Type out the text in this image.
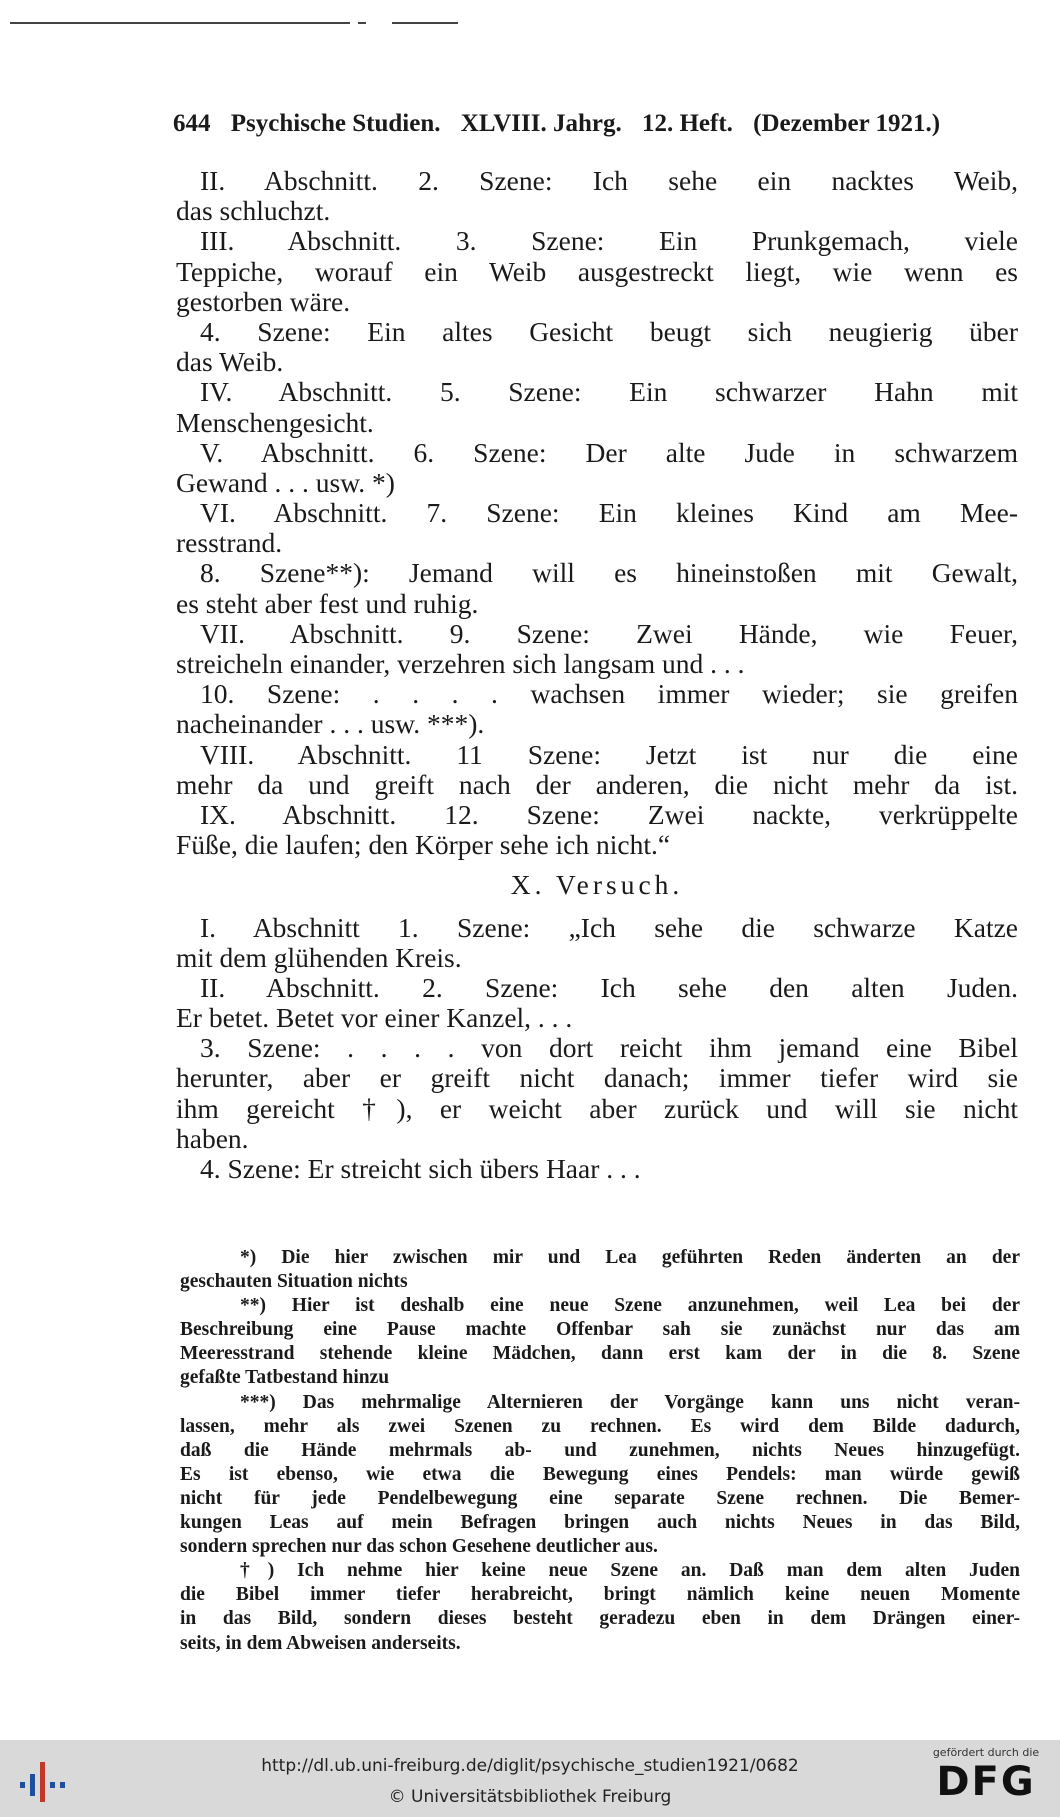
644 Psychische Studien. XLVIII. Jahrg. 12. Heft. (Dezember 1921.)
II. Abschnitt. 2. Szene: Ich sehe ein nacktes Weib,
das schluchzt.
III. Abschnitt. 3. Szene: Ein Prunkgemach, viele
Teppiche, worauf ein Weib ausgestreckt liegt, wie wenn es
gestorben wäre.
4. Szene: Ein altes Gesicht beugt sich neugierig über
das Weib.
IV. Abschnitt. 5. Szene: Ein schwarzer Hahn mit
Menschengesicht.
V. Abschnitt. 6. Szene: Der alte Jude in schwarzem
Gewand . . . usw. *)
VI. Abschnitt. 7. Szene: Ein kleines Kind am Mee-
resstrand.
8. Szene**): Jemand will es hineinstoßen mit Gewalt,
es steht aber fest und ruhig.
VII. Abschnitt. 9. Szene: Zwei Hände, wie Feuer,
streicheln einander, verzehren sich langsam und . . .
10. Szene: . . . . wachsen immer wieder; sie greifen
nacheinander . . . usw. ***).
VIII. Abschnitt. 11 Szene: Jetzt ist nur die eine
mehr da und greift nach der anderen, die nicht mehr da ist.
IX. Abschnitt. 12. Szene: Zwei nackte, verkrüppelte
Füße, die laufen; den Körper sehe ich nicht.“
X. Versuch.
I. Abschnitt 1. Szene: „Ich sehe die schwarze Katze
mit dem glühenden Kreis.
II. Abschnitt. 2. Szene: Ich sehe den alten Juden.
Er betet. Betet vor einer Kanzel, . . .
3. Szene: . . . . von dort reicht ihm jemand eine Bibel
herunter, aber er greift nicht danach; immer tiefer wird sie
ihm gereicht †), er weicht aber zurück und will sie nicht
haben.
4. Szene: Er streicht sich übers Haar . . .
*) Die hier zwischen mir und Lea geführten Reden änderten an der
geschauten Situation nichts
**) Hier ist deshalb eine neue Szene anzunehmen, weil Lea bei der
Beschreibung eine Pause machte Offenbar sah sie zunächst nur das am
Meeresstrand stehende kleine Mädchen, dann erst kam der in die 8. Szene
gefaßte Tatbestand hinzu
***) Das mehrmalige Alternieren der Vorgänge kann uns nicht veran-
lassen, mehr als zwei Szenen zu rechnen. Es wird dem Bilde dadurch,
daß die Hände mehrmals ab- und zunehmen, nichts Neues hinzugefügt.
Es ist ebenso, wie etwa die Bewegung eines Pendels: man würde gewiß
nicht für jede Pendelbewegung eine separate Szene rechnen. Die Bemer-
kungen Leas auf mein Befragen bringen auch nichts Neues in das Bild,
sondern sprechen nur das schon Gesehene deutlicher aus.
†) Ich nehme hier keine neue Szene an. Daß man dem alten Juden
die Bibel immer tiefer herabreicht, bringt nämlich keine neuen Momente
in das Bild, sondern dieses besteht geradezu eben in dem Drängen einer-
seits, in dem Abweisen anderseits.
http://dl.ub.uni-freiburg.de/diglit/psychische_studien1921/0682
© Universitätsbibliothek Freiburg
gefördert durch die
DFG
